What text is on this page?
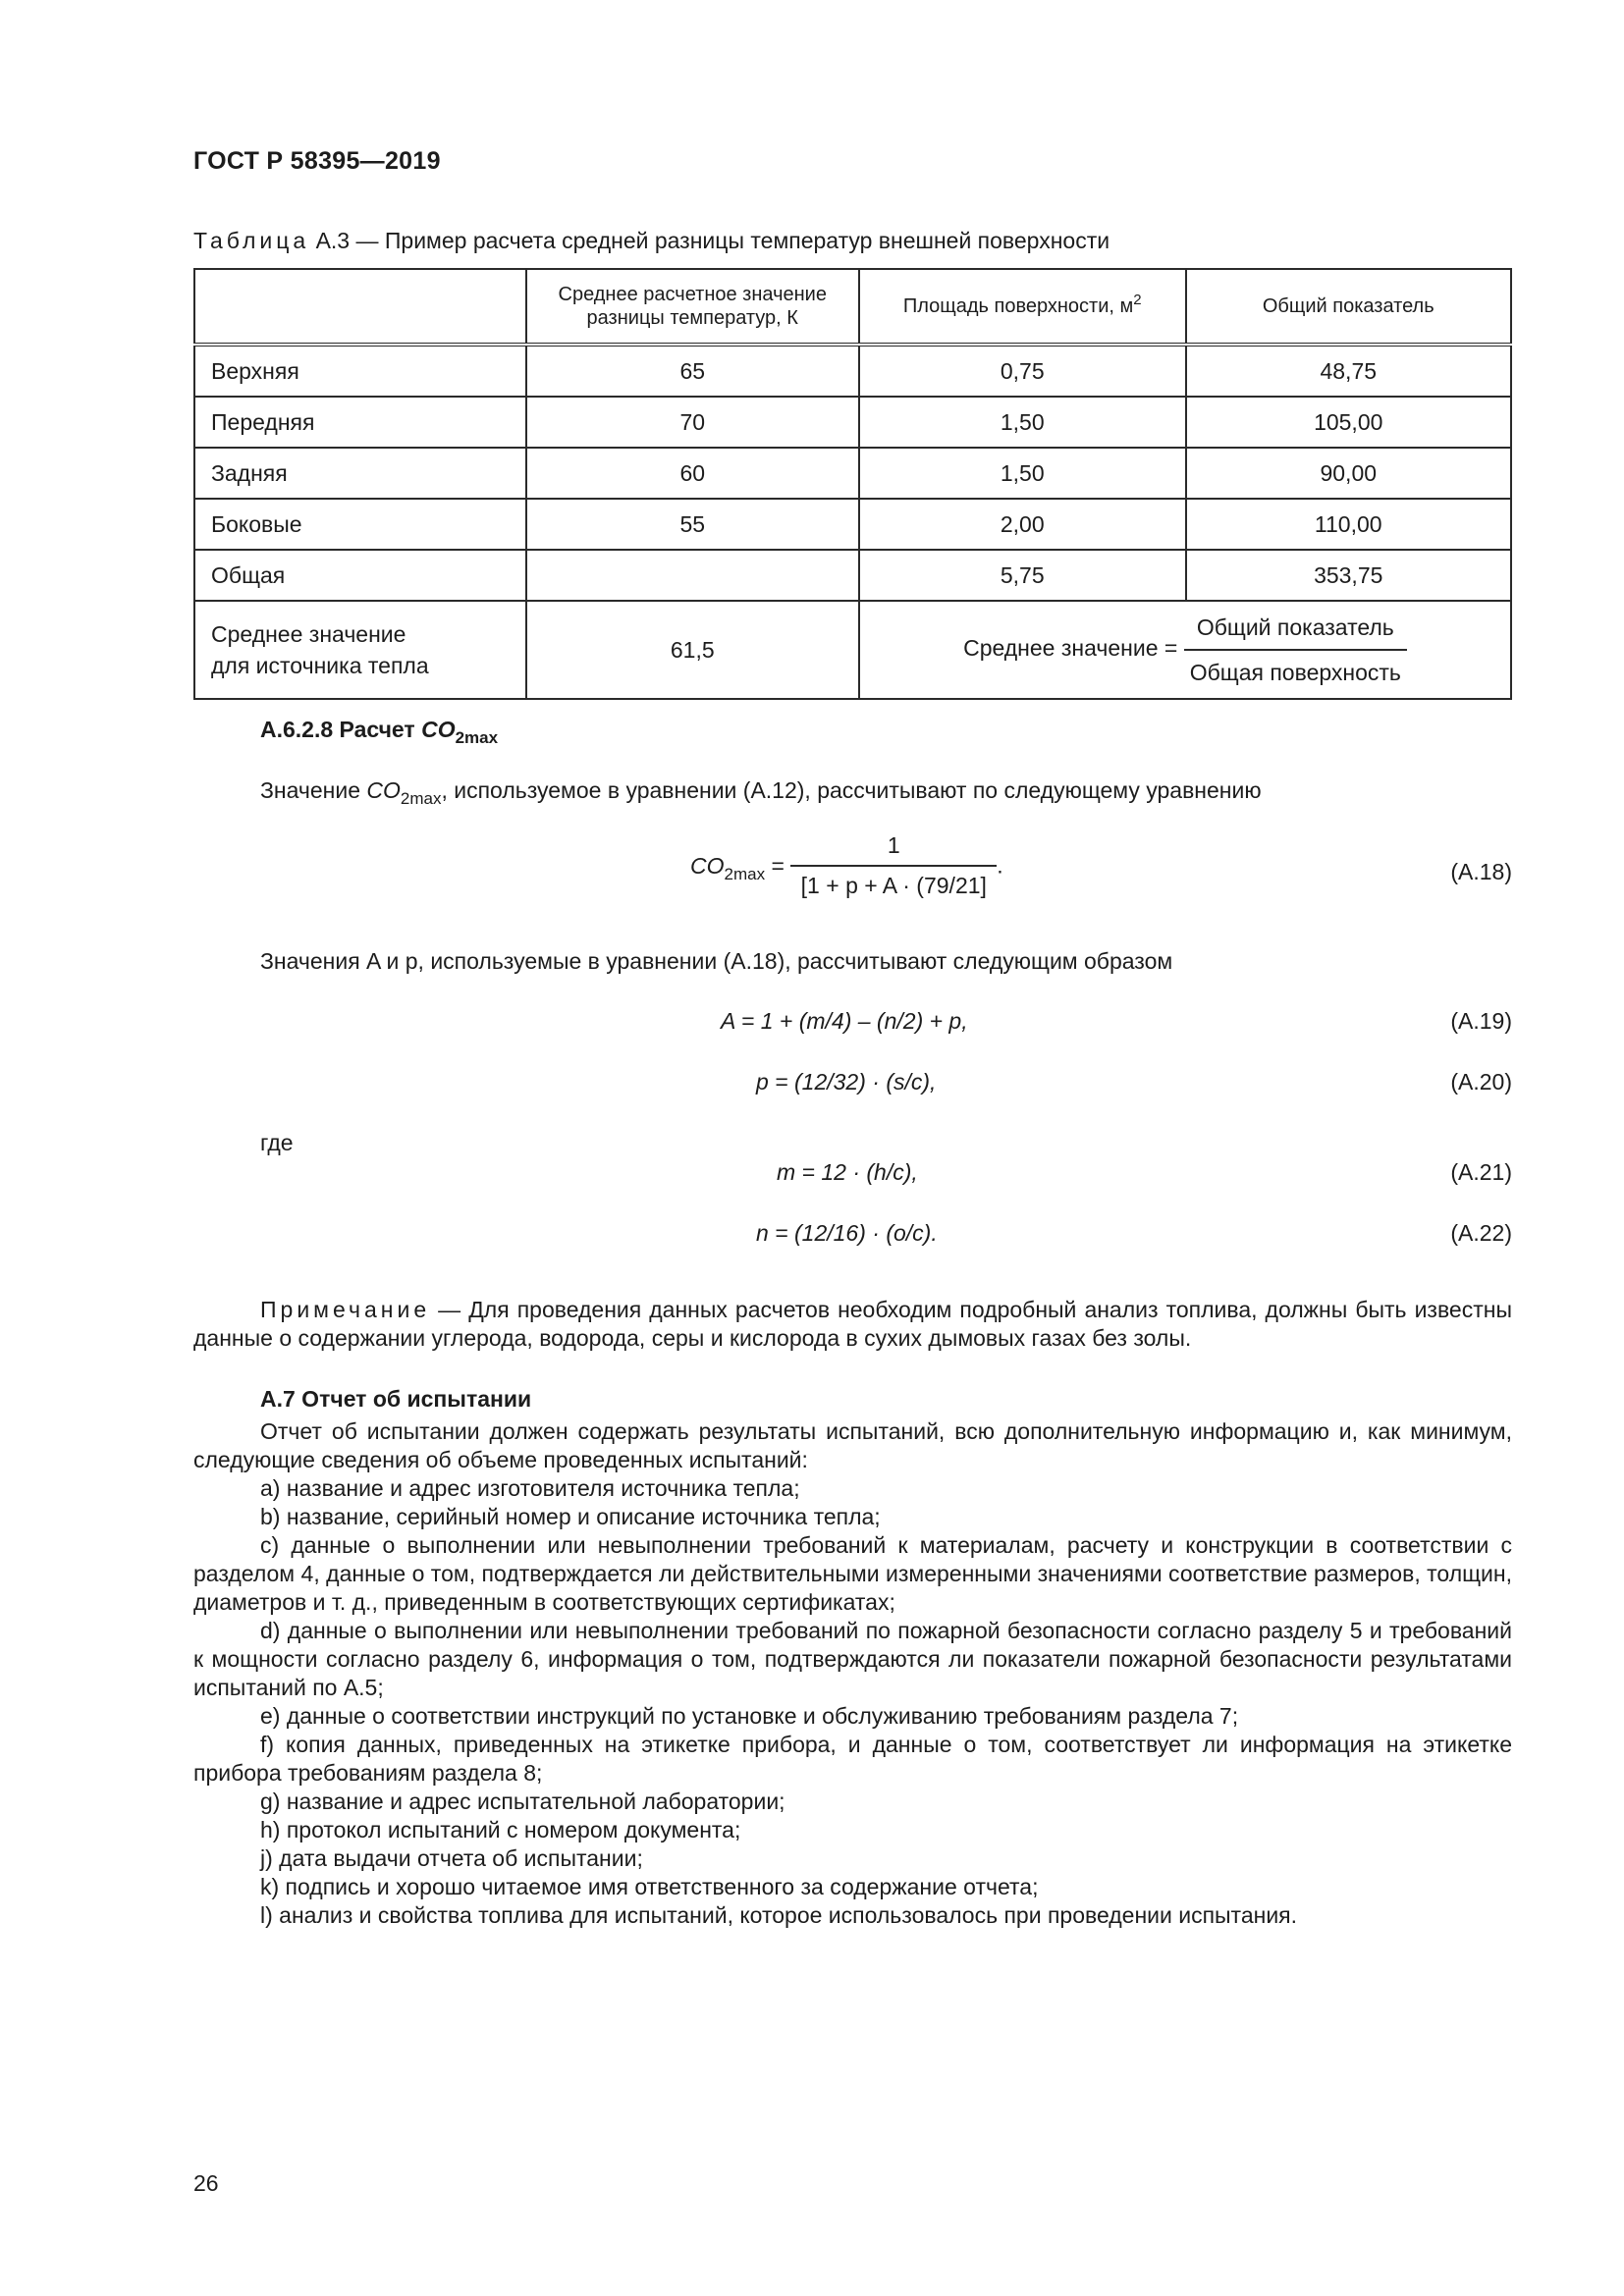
ГОСТ Р 58395—2019
Таблица А.3 — Пример расчета средней разницы температур внешней поверхности
	Среднее расчетное значение разницы температур, К	Площадь поверхности, $м^2$	Общий показатель
Верхняя	65	0,75	48,75
Передняя	70	1,50	105,00
Задняя	60	1,50	90,00
Боковые	55	2,00	110,00
Общая		5,75	353,75
Среднее значение
для источника тепла	61,5	Среднее значение = $\frac{\text{Общий показатель}}{\text{Общая поверхность}}$
А.6.2.8 Расчет $CO_{2max}$
Значение $CO_{2max}$, используемое в уравнении (А.12), рассчитывают по следующему уравнению
$CO_{2max} = \frac{1}{[1 + p + A \cdot (79/21]}$ .	(А.18)
Значения A и p, используемые в уравнении (А.18), рассчитывают следующим образом
A = 1 + (m/4) – (n/2) + p,	(А.19)
p = (12/32) · (s/c),	(А.20)
где
m = 12 · (h/c),	(А.21)
n = (12/16) · (o/c).	(А.22)
Примечание — Для проведения данных расчетов необходим подробный анализ топлива, должны быть известны данные о содержании углерода, водорода, серы и кислорода в сухих дымовых газах без золы.
А.7 Отчет об испытании
Отчет об испытании должен содержать результаты испытаний, всю дополнительную информацию и, как минимум, следующие сведения об объеме проведенных испытаний:
а) название и адрес изготовителя источника тепла;
b) название, серийный номер и описание источника тепла;
с) данные о выполнении или невыполнении требований к материалам, расчету и конструкции в соответствии с разделом 4, данные о том, подтверждается ли действительными измеренными значениями соответствие размеров, толщин, диаметров и т. д., приведенным в соответствующих сертификатах;
d) данные о выполнении или невыполнении требований по пожарной безопасности согласно разделу 5 и требований к мощности согласно разделу 6, информация о том, подтверждаются ли показатели пожарной безопасности результатами испытаний по А.5;
e) данные о соответствии инструкций по установке и обслуживанию требованиям раздела 7;
f) копия данных, приведенных на этикетке прибора, и данные о том, соответствует ли информация на этикетке прибора требованиям раздела 8;
g) название и адрес испытательной лаборатории;
h) протокол испытаний с номером документа;
j) дата выдачи отчета об испытании;
k) подпись и хорошо читаемое имя ответственного за содержание отчета;
l) анализ и свойства топлива для испытаний, которое использовалось при проведении испытания.
26
